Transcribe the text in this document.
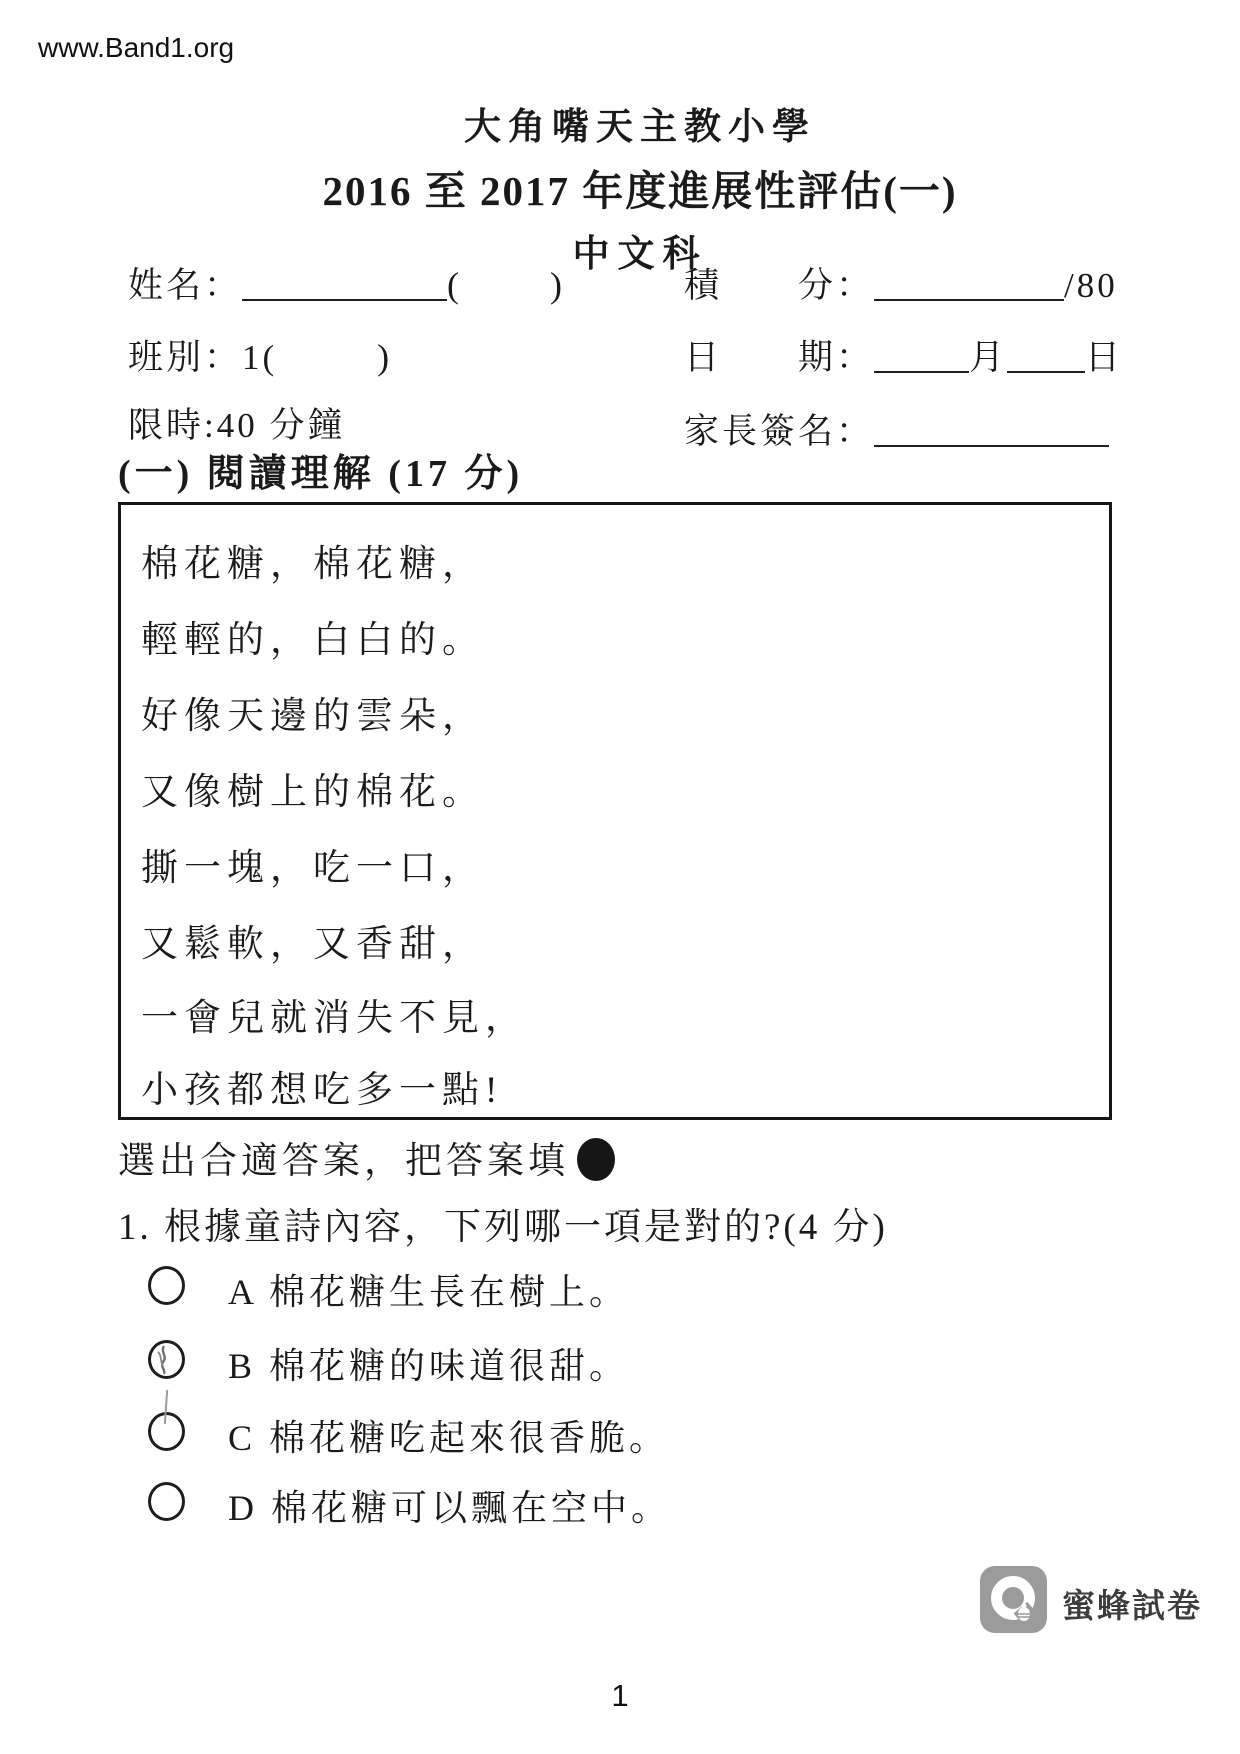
www.Band1.org
大角嘴天主教小學
2016 至 2017 年度進展性評估(一)
中文科
姓名：	( )
班別：1(	)
限時:40 分鐘
積　　分：	/80
日　　期：	月 日
家長簽名：
(一) 閱讀理解 (17 分)
棉花糖，棉花糖，
輕輕的，白白的。
好像天邊的雲朵，
又像樹上的棉花。
撕一塊，吃一口，
又鬆軟，又香甜，
一會兒就消失不見，
小孩都想吃多一點!
選出合適答案，把答案填
1. 根據童詩內容，下列哪一項是對的?(4 分)
A 棉花糖生長在樹上。
B 棉花糖的味道很甜。
C 棉花糖吃起來很香脆。
D 棉花糖可以飄在空中。
蜜蜂試卷
1
